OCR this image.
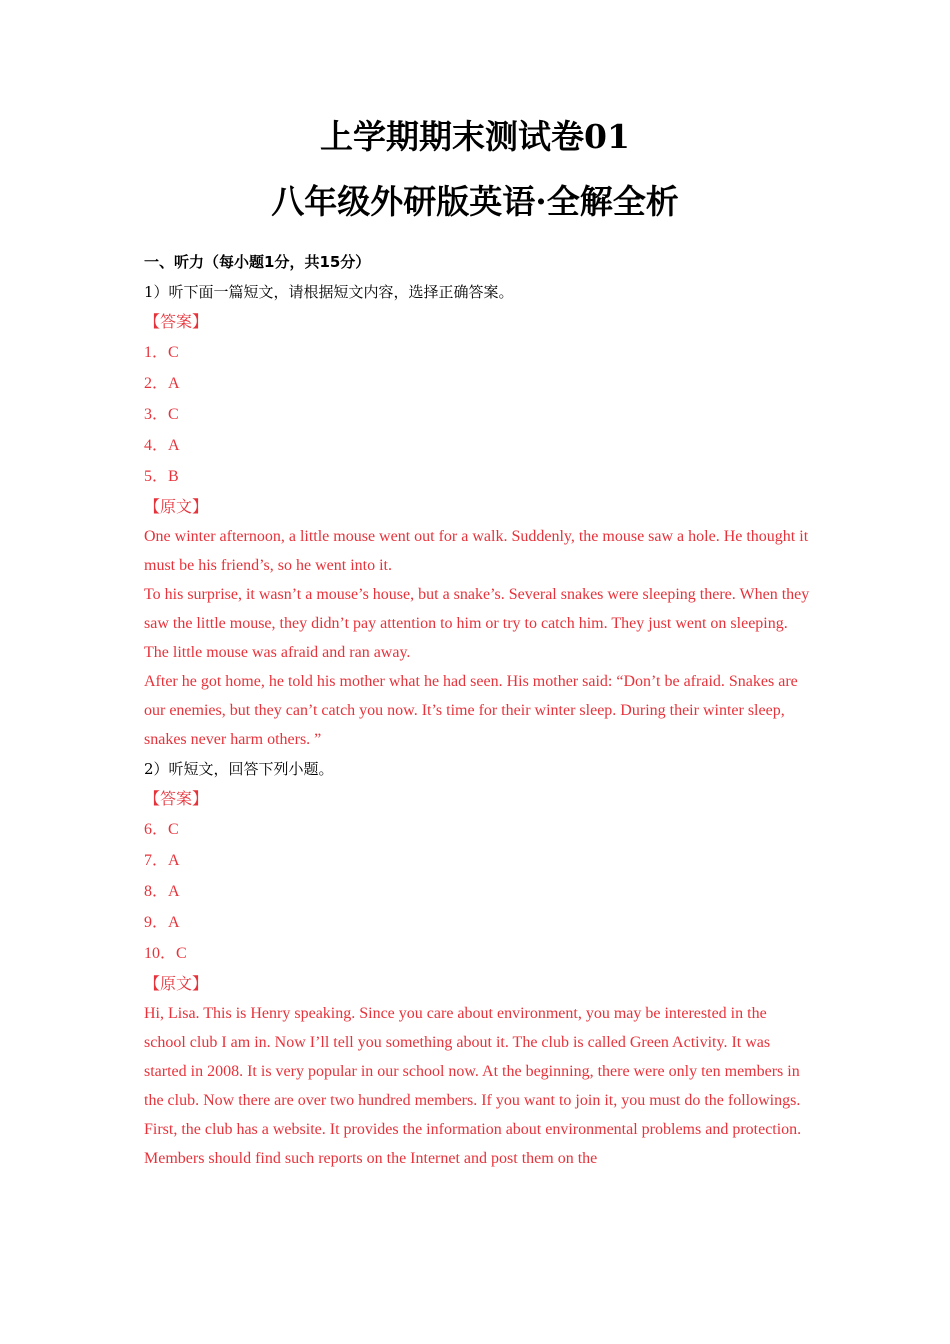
上学期期末测试卷01
八年级外研版英语·全解全析
一、听力（每小题1分，共15分）
1）听下面一篇短文，请根据短文内容，选择正确答案。
【答案】
1．C
2．A
3．C
4．A
5．B
【原文】

One winter afternoon, a little mouse went out for a walk. Suddenly, the mouse saw a hole. He thought it must be his friend’s, so he went into it.

To his surprise, it wasn’t a mouse’s house, but a snake’s. Several snakes were sleeping there. When they saw the little mouse, they didn’t pay attention to him or try to catch him. They just went on sleeping. The little mouse was afraid and ran away.

After he got home, he told his mother what he had seen. His mother said: “Don’t be afraid. Snakes are our enemies, but they can’t catch you now. It’s time for their winter sleep. During their winter sleep, snakes never harm others. ”

2）听短文，回答下列小题。
【答案】
6．C
7．A
8．A
9．A
10．C
【原文】

Hi, Lisa. This is Henry speaking. Since you care about environment, you may be interested in the school club I am in. Now I’ll tell you something about it. The club is called Green Activity. It was started in 2008. It is very popular in our school now. At the beginning, there were only ten members in the club. Now there are over two hundred members. If you want to join it, you must do the followings. First, the club has a website. It provides the information about environmental problems and protection. Members should find such reports on the Internet and post them on the
